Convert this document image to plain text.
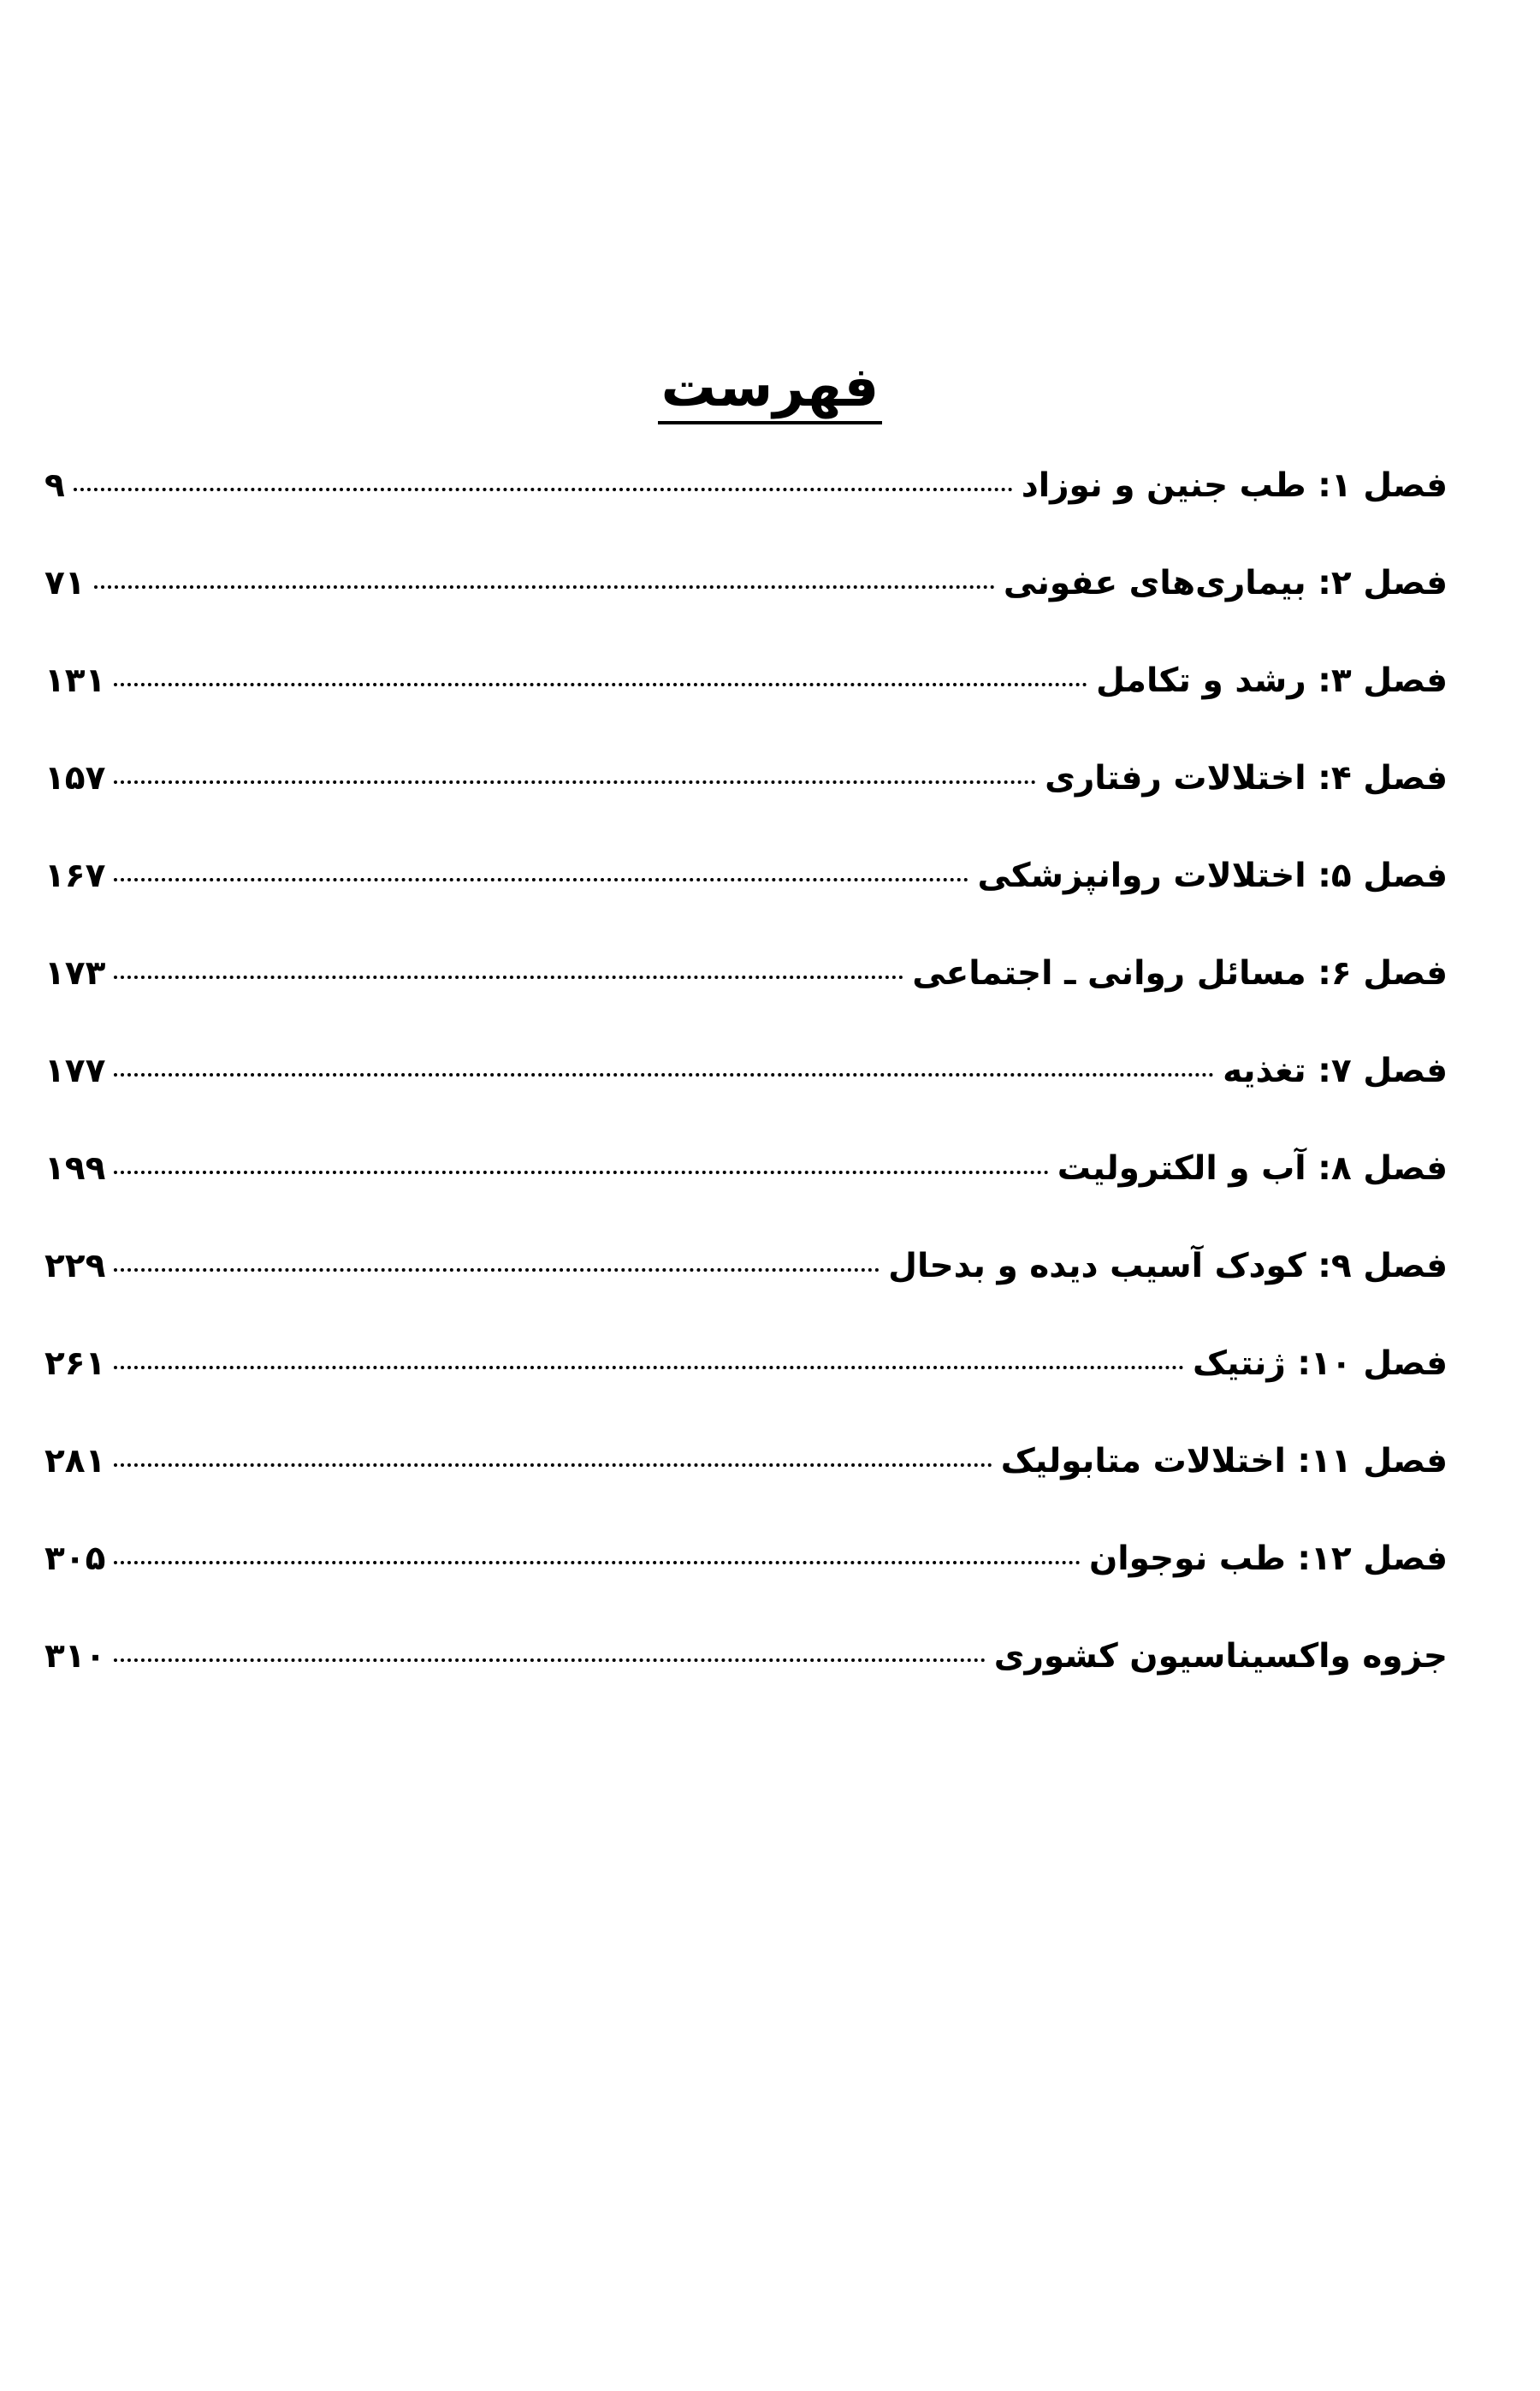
فهرست
فصل ۱: طب جنین و نوزاد
۹
فصل ۲: بیماری‌های عفونی
۷۱
فصل ۳: رشد و تکامل
۱۳۱
فصل ۴: اختلالات رفتاری
۱۵۷
فصل ۵: اختلالات روانپزشکی
۱۶۷
فصل ۶: مسائل روانی ـ اجتماعی
۱۷۳
فصل ۷: تغذیه
۱۷۷
فصل ۸: آب و الکترولیت
۱۹۹
فصل ۹: کودک آسیب دیده و بدحال
۲۲۹
فصل ۱۰: ژنتیک
۲۶۱
فصل ۱۱: اختلالات متابولیک
۲۸۱
فصل ۱۲: طب نوجوان
۳۰۵
جزوه واکسیناسیون کشوری
۳۱۰
